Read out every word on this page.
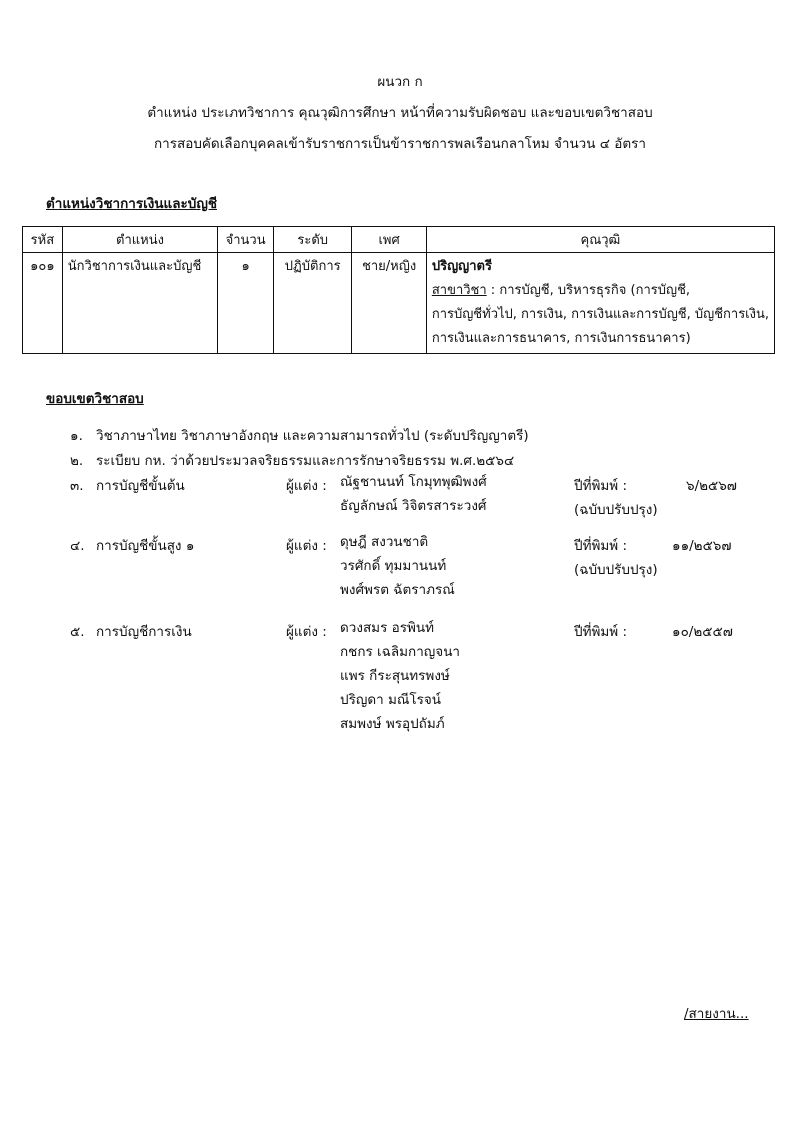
ผนวก ก
ตำแหน่ง ประเภทวิชาการ คุณวุฒิการศึกษา หน้าที่ความรับผิดชอบ และขอบเขตวิชาสอบ
การสอบคัดเลือกบุคคลเข้ารับราชการเป็นข้าราชการพลเรือนกลาโหม จำนวน ๔ อัตรา
ตำแหน่งวิชาการเงินและบัญชี
รหัส	ตำแหน่ง	จำนวน	ระดับ	เพศ	คุณวุฒิ
๑๐๑	นักวิชาการเงินและบัญชี	๑	ปฏิบัติการ	ชาย/หญิง	ปริญญาตรี
สาขาวิชา : การบัญชี, บริหารธุรกิจ (การบัญชี,
การบัญชีทั่วไป, การเงิน, การเงินและการบัญชี, บัญชีการเงิน,
การเงินและการธนาคาร, การเงินการธนาคาร)
ขอบเขตวิชาสอบ
๑. วิชาภาษาไทย วิชาภาษาอังกฤษ และความสามารถทั่วไป (ระดับปริญญาตรี)
๒. ระเบียบ กห. ว่าด้วยประมวลจริยธรรมและการรักษาจริยธรรม พ.ศ.๒๕๖๔
๓. การบัญชีขั้นต้น	ผู้แต่ง : ณัฐชานนท์ โกมุทพุฒิพงศ์
ธัญลักษณ์ วิจิตรสาระวงศ์
ปีที่พิมพ์ :	๖/๒๕๖๗
(ฉบับปรับปรุง)
๔. การบัญชีขั้นสูง ๑	ผู้แต่ง : ดุษฎี สงวนชาติ
วรศักดิ์ ทุมมานนท์
พงศ์พรต ฉัตราภรณ์
ปีที่พิมพ์ :	๑๑/๒๕๖๗
(ฉบับปรับปรุง)
๕. การบัญชีการเงิน	ผู้แต่ง : ดวงสมร อรพินท์
กชกร เฉลิมกาญจนา
แพร กีระสุนทรพงษ์
ปริญดา มณีโรจน์
สมพงษ์ พรอุปถัมภ์
ปีที่พิมพ์ :	๑๐/๒๕๕๗
/สายงาน...
